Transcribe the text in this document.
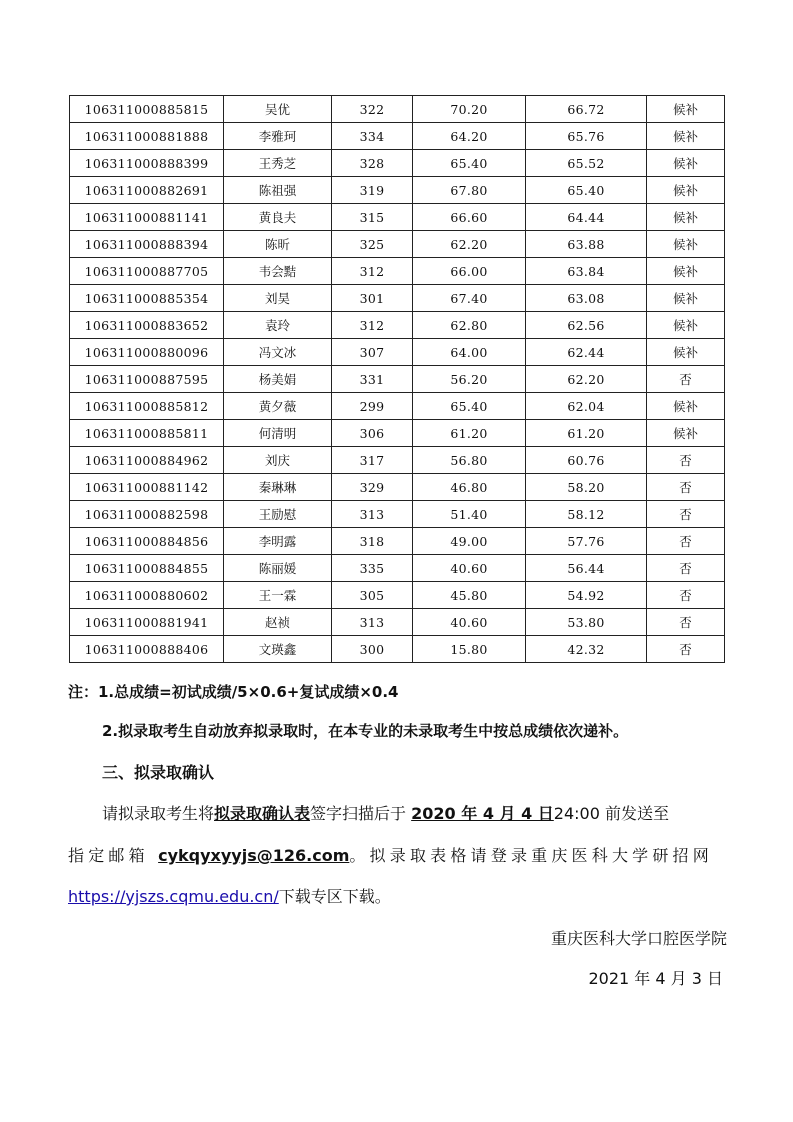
106311000885815	吴优	322	70.20	66.72	候补
106311000881888	李雅珂	334	64.20	65.76	候补
106311000888399	王秀芝	328	65.40	65.52	候补
106311000882691	陈祖强	319	67.80	65.40	候补
106311000881141	黄良夫	315	66.60	64.44	候补
106311000888394	陈昕	325	62.20	63.88	候补
106311000887705	韦会黠	312	66.00	63.84	候补
106311000885354	刘昊	301	67.40	63.08	候补
106311000883652	袁玲	312	62.80	62.56	候补
106311000880096	冯文冰	307	64.00	62.44	候补
106311000887595	杨美娟	331	56.20	62.20	否
106311000885812	黄夕薇	299	65.40	62.04	候补
106311000885811	何清明	306	61.20	61.20	候补
106311000884962	刘庆	317	56.80	60.76	否
106311000881142	秦琳琳	329	46.80	58.20	否
106311000882598	王励慰	313	51.40	58.12	否
106311000884856	李明露	318	49.00	57.76	否
106311000884855	陈丽媛	335	40.60	56.44	否
106311000880602	王一霖	305	45.80	54.92	否
106311000881941	赵祯	313	40.60	53.80	否
106311000888406	文瑛鑫	300	15.80	42.32	否
注：1.总成绩=初试成绩/5×0.6+复试成绩×0.4
2.拟录取考生自动放弃拟录取时，在本专业的未录取考生中按总成绩依次递补。
三、拟录取确认
请拟录取考生将拟录取确认表签字扫描后于 2020 年 4 月 4 日24:00 前发送至
指定邮箱 cykqyxyyjs@126.com。拟录取表格请登录重庆医科大学研招网
https://yjszs.cqmu.edu.cn/下载专区下载。
重庆医科大学口腔医学院
2021 年 4 月 3 日
